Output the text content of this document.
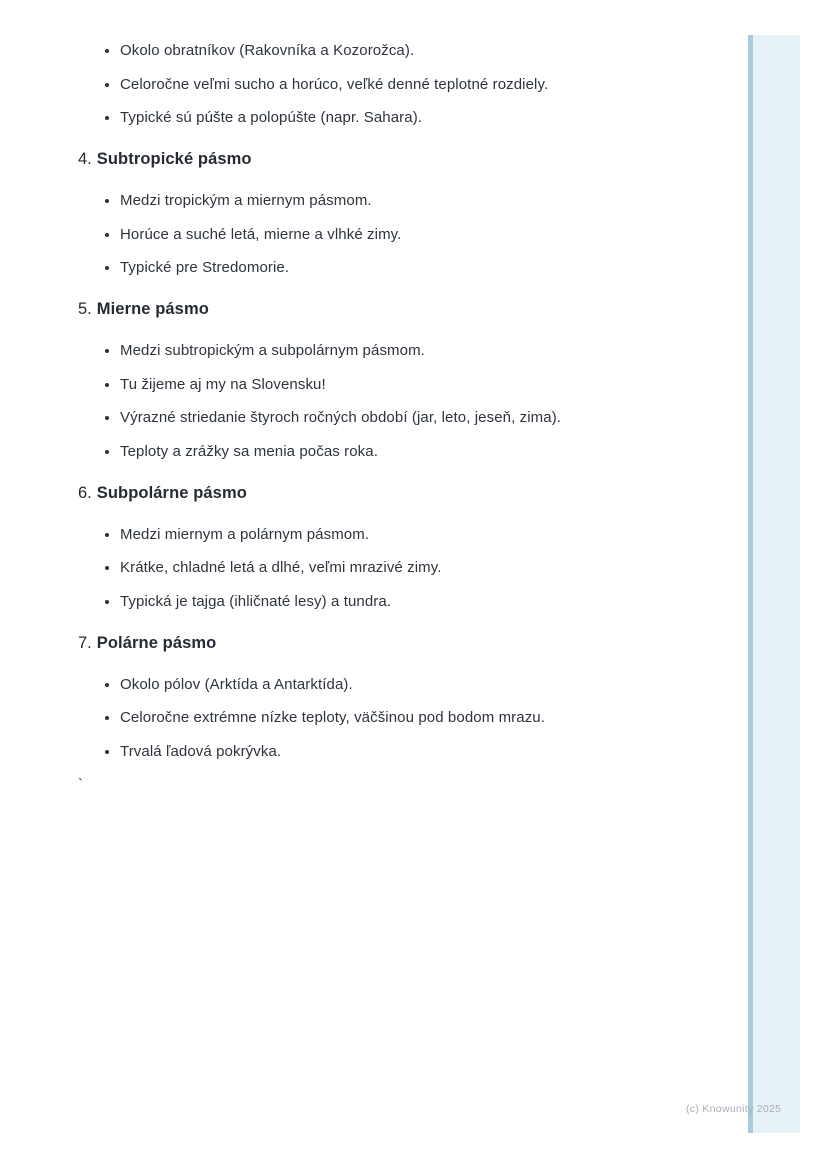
• Okolo obratníkov (Rakovníka a Kozorožca).
• Celoročne veľmi sucho a horúco, veľké denné teplotné rozdiely.
• Typické sú púšte a polopúšte (napr. Sahara).
4. Subtropické pásmo
• Medzi tropickým a miernym pásmom.
• Horúce a suché letá, mierne a vlhké zimy.
• Typické pre Stredomorie.
5. Mierne pásmo
• Medzi subtropickým a subpolárnym pásmom.
• Tu žijeme aj my na Slovensku!
• Výrazné striedanie štyroch ročných období (jar, leto, jeseň, zima).
• Teploty a zrážky sa menia počas roka.
6. Subpolárne pásmo
• Medzi miernym a polárnym pásmom.
• Krátke, chladné letá a dlhé, veľmi mrazivé zimy.
• Typická je tajga (ihličnaté lesy) a tundra.
7. Polárne pásmo
• Okolo pólov (Arktída a Antarktída).
• Celoročne extrémne nízke teploty, väčšinou pod bodom mrazu.
• Trvalá ľadová pokrývka.
`
(c) Knowunity 2025
